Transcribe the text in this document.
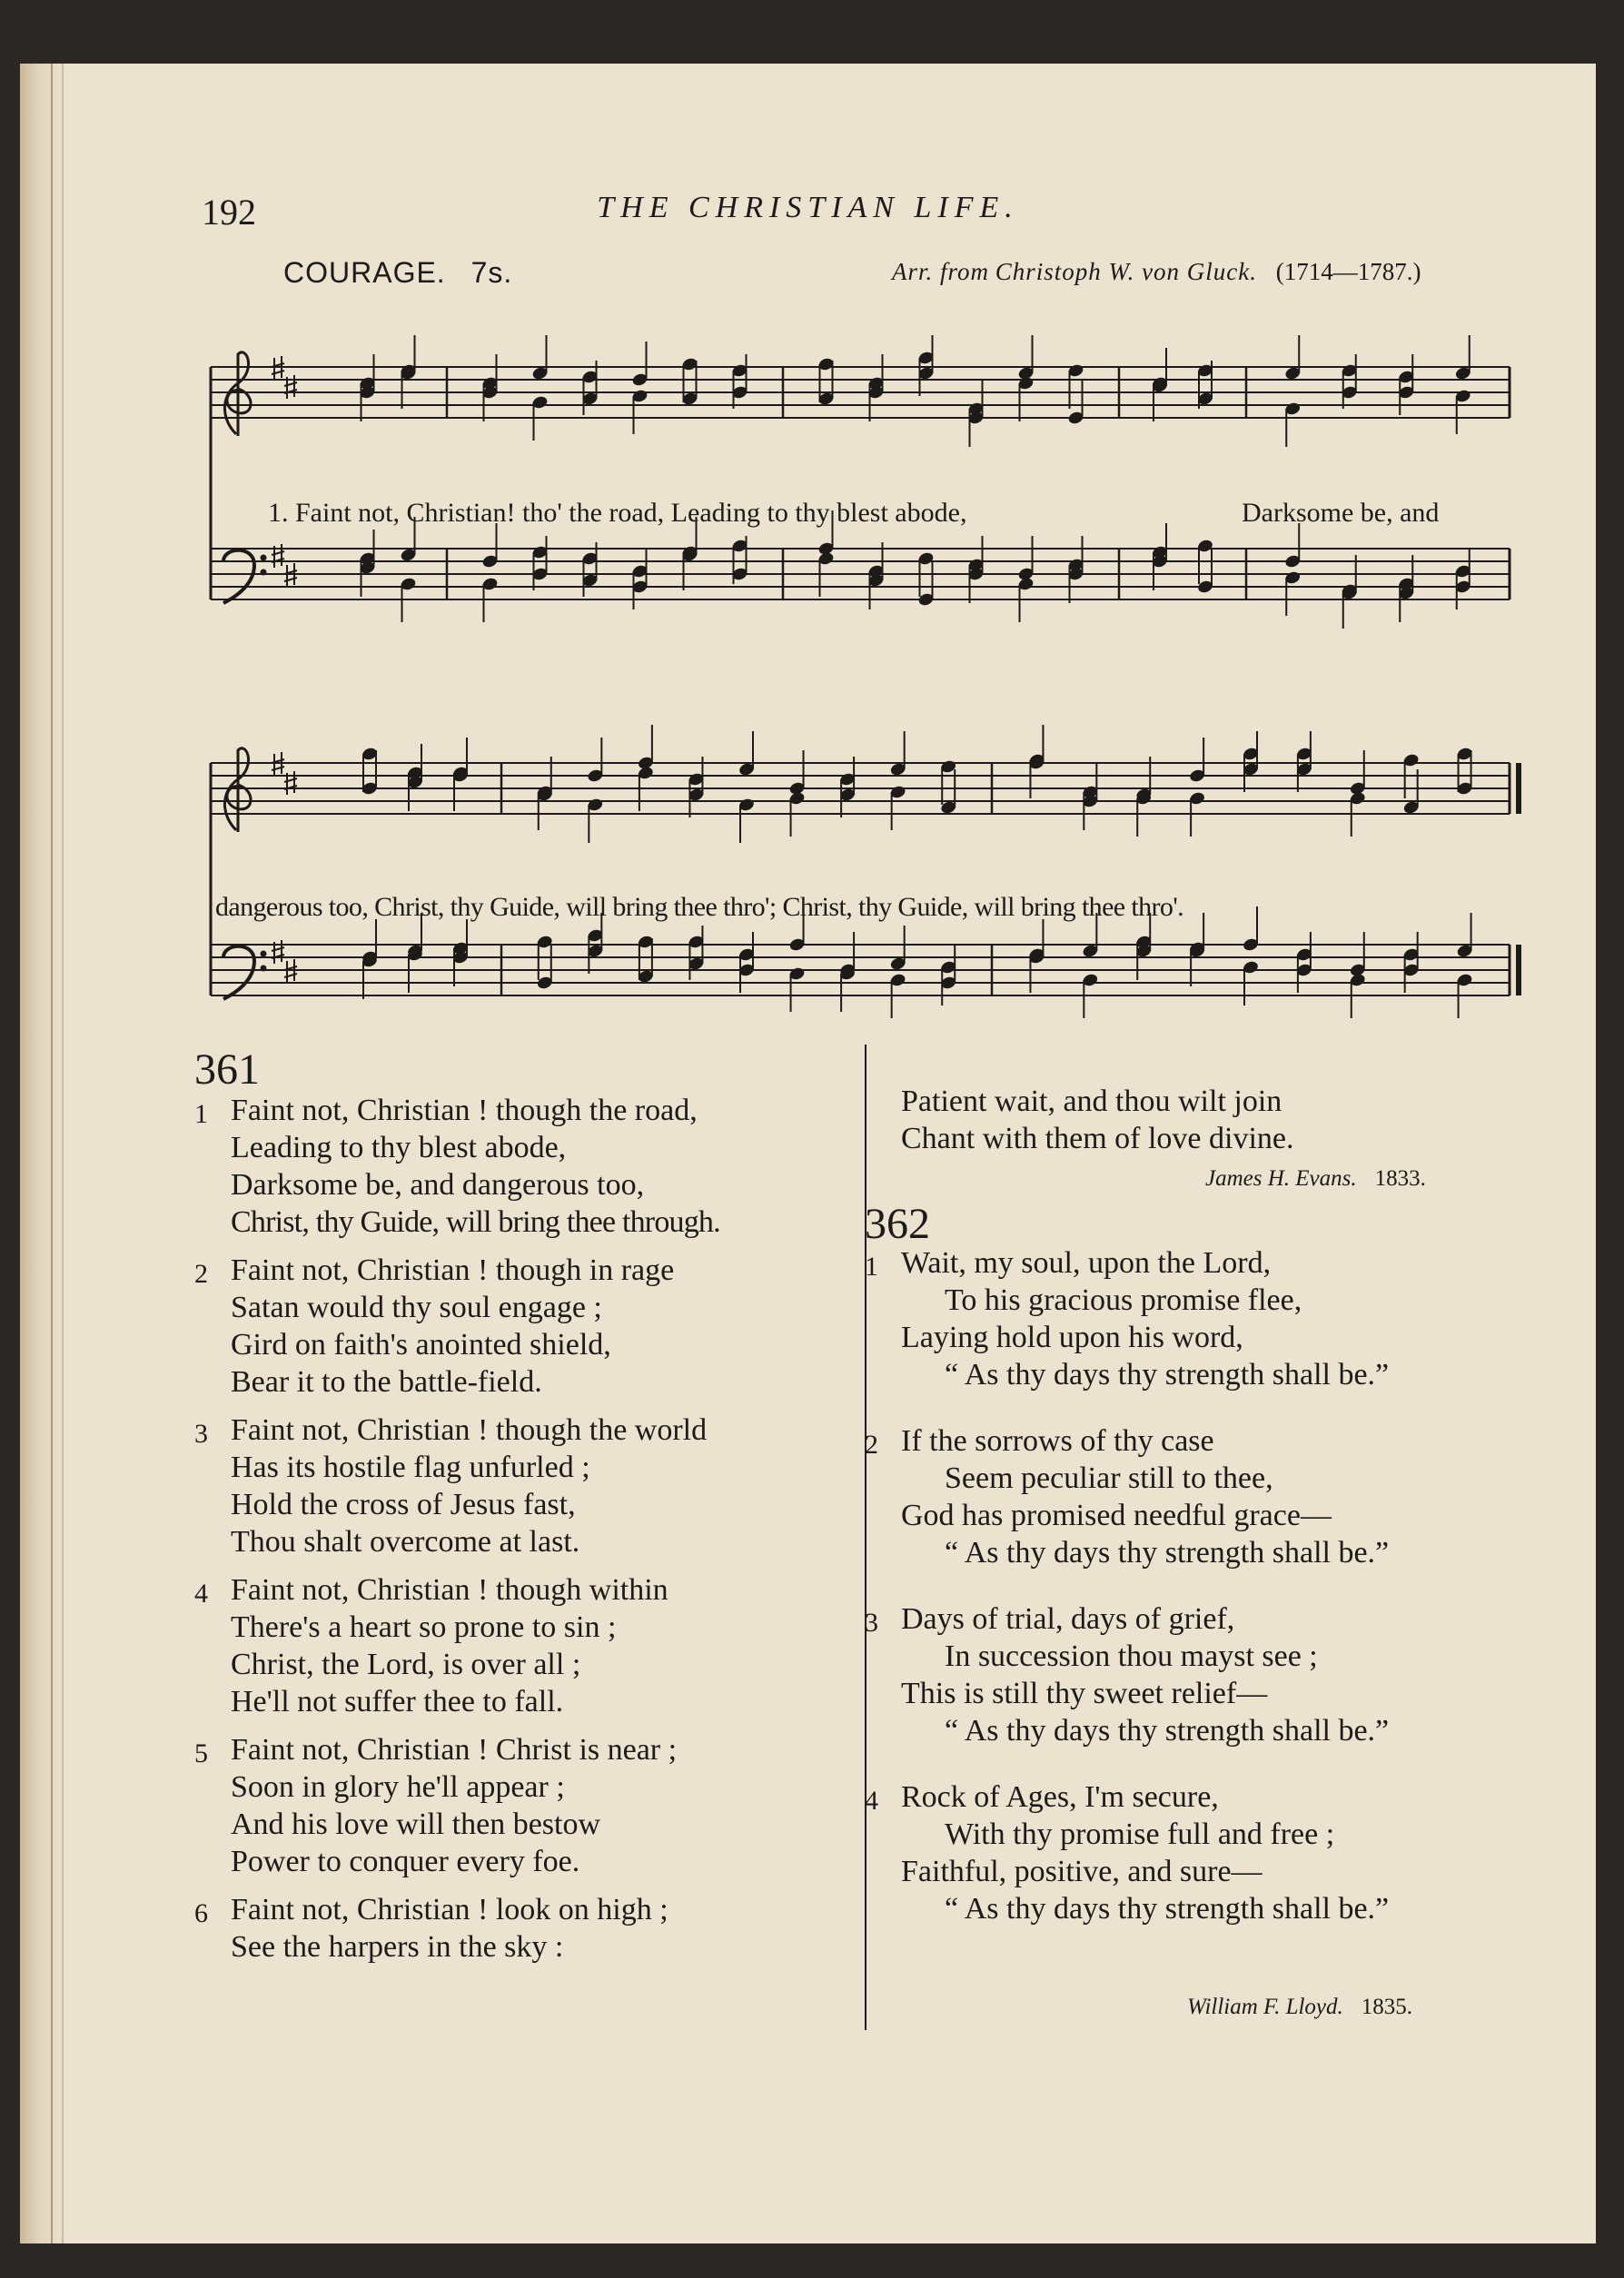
192	THE CHRISTIAN LIFE.
COURAGE. 7s.	Arr. from Christoph W. von Gluck. (1714—1787.)
1. Faint not, Christian! tho' the road, Leading to thy blest abode,	Darksome be, and
dangerous too, Christ, thy Guide, will bring thee thro'; Christ, thy Guide, will bring thee thro'.
361
1 Faint not, Christian ! though the road,
Leading to thy blest abode,
Darksome be, and dangerous too,
Christ, thy Guide, will bring thee through.
2 Faint not, Christian ! though in rage
Satan would thy soul engage ;
Gird on faith's anointed shield,
Bear it to the battle-field.
3 Faint not, Christian ! though the world
Has its hostile flag unfurled ;
Hold the cross of Jesus fast,
Thou shalt overcome at last.
4 Faint not, Christian ! though within
There's a heart so prone to sin ;
Christ, the Lord, is over all ;
He'll not suffer thee to fall.
5 Faint not, Christian ! Christ is near ;
Soon in glory he'll appear ;
And his love will then bestow
Power to conquer every foe.
6 Faint not, Christian ! look on high ;
See the harpers in the sky :
Patient wait, and thou wilt join
Chant with them of love divine.
James H. Evans. 1833.
362
1 Wait, my soul, upon the Lord,
To his gracious promise flee,
Laying hold upon his word,
“ As thy days thy strength shall be.”
2 If the sorrows of thy case
Seem peculiar still to thee,
God has promised needful grace—
“ As thy days thy strength shall be.”
3 Days of trial, days of grief,
In succession thou mayst see ;
This is still thy sweet relief—
“ As thy days thy strength shall be.”
4 Rock of Ages, I'm secure,
With thy promise full and free ;
Faithful, positive, and sure—
“ As thy days thy strength shall be.”
William F. Lloyd. 1835.
